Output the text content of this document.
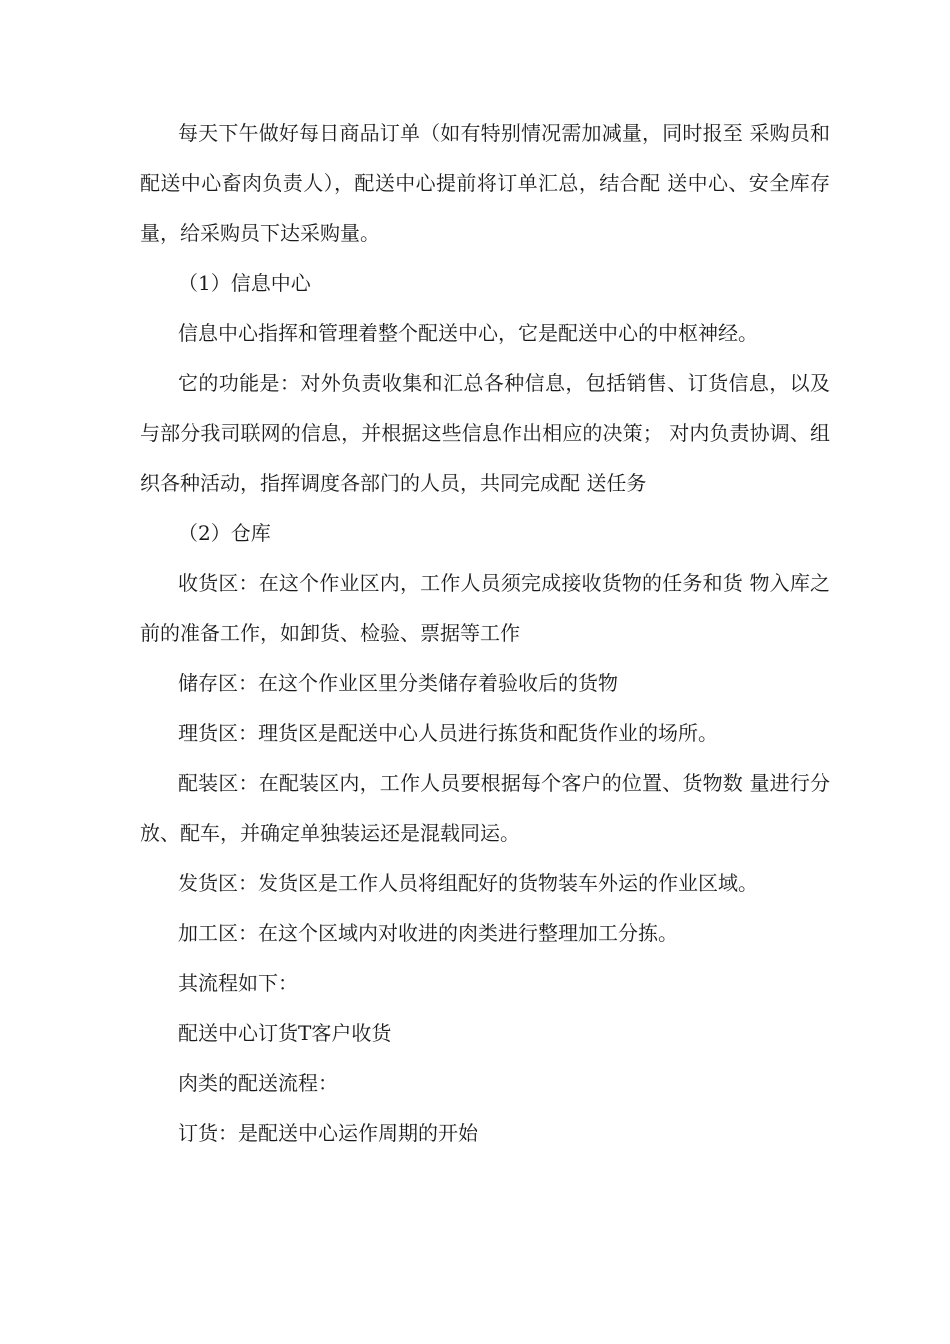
每天下午做好每日商品订单（如有特别情况需加减量，同时报至 采购员和配送中心畜肉负责人），配送中心提前将订单汇总，结合配 送中心、安全库存量，给采购员下达采购量。

（1）信息中心

信息中心指挥和管理着整个配送中心，它是配送中心的中枢神经。

它的功能是：对外负责收集和汇总各种信息，包括销售、订货信息，以及与部分我司联网的信息，并根据这些信息作出相应的决策； 对内负责协调、组织各种活动，指挥调度各部门的人员，共同完成配 送任务

（2）仓库

收货区：在这个作业区内，工作人员须完成接收货物的任务和货 物入库之前的准备工作，如卸货、检验、票据等工作

储存区：在这个作业区里分类储存着验收后的货物

理货区：理货区是配送中心人员进行拣货和配货作业的场所。

配装区：在配装区内，工作人员要根据每个客户的位置、货物数 量进行分放、配车，并确定单独装运还是混载同运。

发货区：发货区是工作人员将组配好的货物装车外运的作业区域。

加工区：在这个区域内对收进的肉类进行整理加工分拣。

其流程如下：

配送中心订货T客户收货

肉类的配送流程：

订货：是配送中心运作周期的开始
